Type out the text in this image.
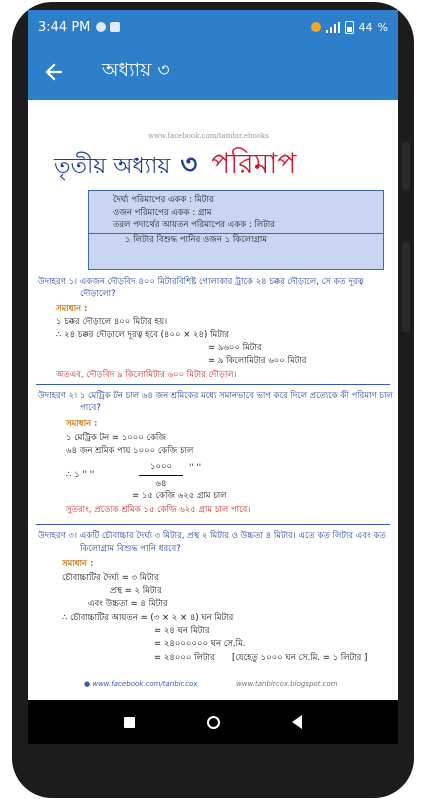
3:44 PM	44 %
অধ্যায় ৩
www.facebook.com/tambir.ebooks
তৃতীয় অধ্যায় ৩ পরিমাপ
দৈর্ঘ্য পরিমাপের একক : মিটার
ওজন পরিমাপের একক : গ্রাম
তরল পদার্থের আয়তন পরিমাপের একক : লিটার
১ লিটার বিশুদ্ধ পানির ওজন ১ কিলোগ্রাম
উদাহরণ ১। একজন দৌড়বিদ ৪০০ মিটারবিশিষ্ট গোলাকার ট্রাকে ২৪ চক্কর দৌড়ালে, সে কত দূরত্ব
দৌড়ালো?
সমাধান :
১ চক্কর দৌড়ালে ৪০০ মিটার হয়।
∴ ২৪ চক্কর দৌড়ালে দূরত্ব হবে (৪০০ × ২৪) মিটার
= ৯৬০০ মিটার
= ৯ কিলোমিটার ৬০০ মিটার
অতএব, দৌড়বিদ ৯ কিলোমিটার ৬০০ মিটার দৌড়াল।
উদাহরণ ২। ১ মেট্রিক টন চাল ৬৪ জন শ্রমিকের মধ্যে সমানভাবে ভাগ করে দিলে প্রত্যেকে কী পরিমাণ চাল
পাবে?
সমাধান :
১ মেট্রিক টন = ১০০০ কেজি
৬৪ জন শ্রমিক পায় ১০০০ কেজি চাল
∴ ১ '' ''
১০০০
৬৪
'' ''
= ১৫ কেজি ৬২৫ গ্রাম চাল
সুতরাং, প্রত্যেক শ্রমিক ১৫ কেজি ৬২৫ গ্রাম চাল পাবে।
উদাহরণ ৩। একটি চৌবাচ্চার দৈর্ঘ্য ৩ মিটার, প্রস্থ ২ মিটার ও উচ্চতা ৪ মিটার। এতে কত লিটার এবং কত
কিলোগ্রাম বিশুদ্ধ পানি ধরবে?
সমাধান :
চৌবাচ্চাটির দৈর্ঘ্য = ৩ মিটার
প্রস্থ = ২ মিটার
এবং উচ্চতা = ৪ মিটার
∴ চৌবাচ্চাটির আয়তন = (৩ × ২ × ৪) ঘন মিটার
= ২৪ ঘন মিটার
= ২৪০০০০০০ ঘন সে.মি.
= ২৪০০০ লিটার [যেহেতু ১০০০ ঘন সে.মি. = ১ লিটার ]
● www.facebook.com/tanbir.cox	www.tanbircox.blogspot.com
